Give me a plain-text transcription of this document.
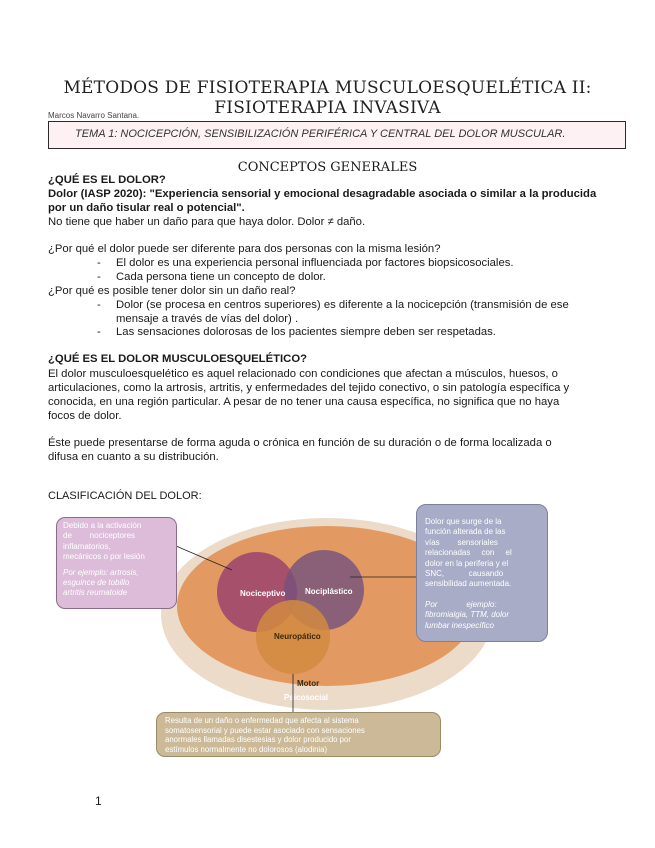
MÉTODOS DE FISIOTERAPIA MUSCULOESQUELÉTICA II: FISIOTERAPIA INVASIVA
Marcos Navarro Santana.
TEMA 1: NOCICEPCIÓN, SENSIBILIZACIÓN PERIFÉRICA Y CENTRAL DEL DOLOR MUSCULAR.
CONCEPTOS GENERALES
¿QUÉ ES EL DOLOR?
Dolor (IASP 2020): "Experiencia sensorial y emocional desagradable asociada o similar a la producida
por un daño tisular real o potencial".
No tiene que haber un daño para que haya dolor. Dolor ≠ daño.
¿Por qué el dolor puede ser diferente para dos personas con la misma lesión?
- El dolor es una experiencia personal influenciada por factores biopsicosociales.
- Cada persona tiene un concepto de dolor.
¿Por qué es posible tener dolor sin un daño real?
- Dolor (se procesa en centros superiores) es diferente a la nocicepción (transmisión de ese
mensaje a través de vías del dolor) .
- Las sensaciones dolorosas de los pacientes siempre deben ser respetadas.
¿QUÉ ES EL DOLOR MUSCULOESQUELÉTICO?
El dolor musculoesquelético es aquel relacionado con condiciones que afectan a músculos, huesos, o
articulaciones, como la artrosis, artritis, y enfermedades del tejido conectivo, o sin patología específica y
conocida, en una región particular. A pesar de no tener una causa específica, no significa que no haya
focos de dolor.
Éste puede presentarse de forma aguda o crónica en función de su duración o de forma localizada o
difusa en cuanto a su distribución.
CLASIFICACIÓN DEL DOLOR:
Nociceptivo Nociplástico
Neuropático
Motor
Psicosocial
Debido a la activación
de        nociceptores
inflamatorios,
mecánicos o por lesión
Por ejemplo: artrosis,
esguince de tobillo
artritis reumatoide
Dolor que surge de la
función alterada de las
vías        sensoriales
relacionadas     con     el
dolor en la periferia y el
SNC,           causando
sensibilidad aumentada.
Por             ejemplo:
fibromialgia, TTM, dolor
lumbar inespecífico
Resulta de un daño o enfermedad que afecta al sistema
somatosensorial y puede estar asociado con sensaciones
anormales llamadas disestesias y dolor producido por
estímulos normalmente no dolorosos (alodinia)
1
